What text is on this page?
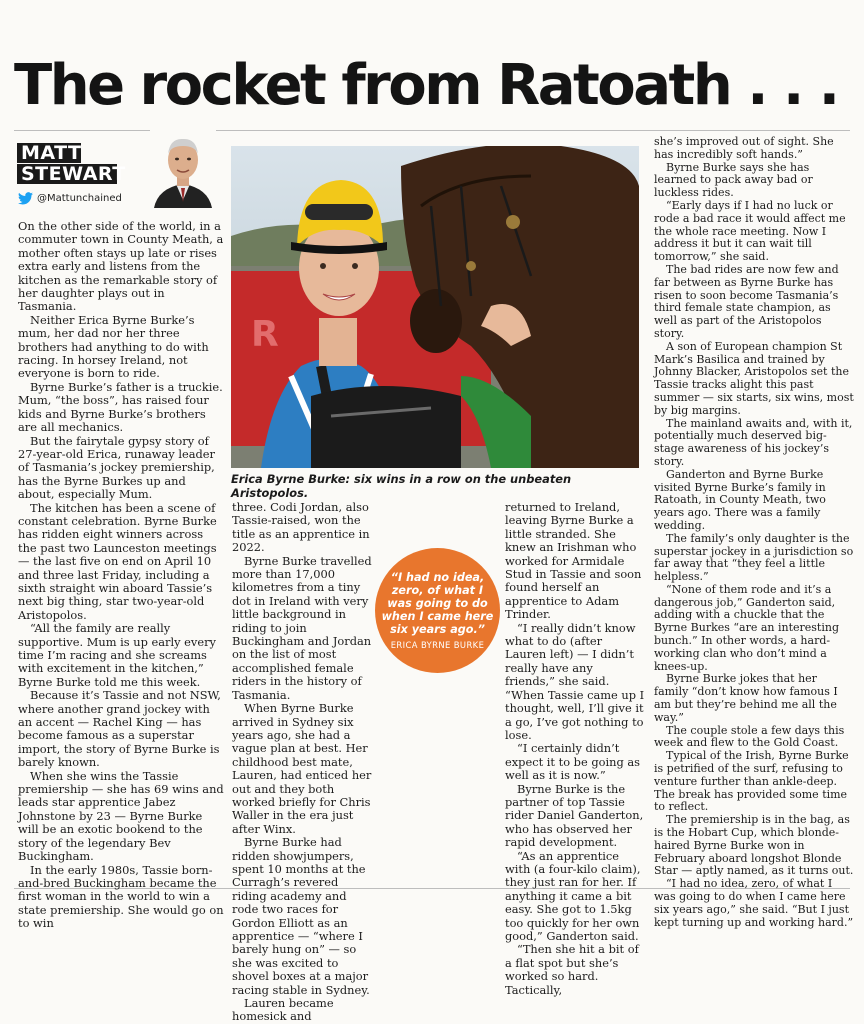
The rocket from Ratoath . . .
MATT
STEWART
@Mattunchained
R
Erica Byrne Burke: six wins in a row on the unbeaten Aristopolos.
“I had no idea, zero, of what I was going to do when I came here six years ago.”
ERICA BYRNE BURKE

On the other side of the world, in a commuter town in County Meath, a mother often stays up late or rises extra early and listens from the kitchen as the remarkable story of her daughter plays out in Tasmania.

Neither Erica Byrne Burke’s mum, her dad nor her three brothers had anything to do with racing. In horsey Ireland, not everyone is born to ride.

Byrne Burke’s father is a truckie. Mum, “the boss”, has raised four kids and Byrne Burke’s brothers are all mechanics.

But the fairytale gypsy story of 27-year-old Erica, runaway leader of Tasmania’s jockey premiership, has the Byrne Burkes up and about, especially Mum.

The kitchen has been a scene of constant celebration. Byrne Burke has ridden eight winners across the past two Launceston meetings — the last five on end on April 10 and three last Friday, including a sixth straight win aboard Tassie’s next big thing, star two-year-old Aristopolos.

“All the family are really supportive. Mum is up early every time I’m racing and she screams with excitement in the kitchen,” Byrne Burke told me this week.

Because it’s Tassie and not NSW, where another grand jockey with an accent — Rachel King — has become famous as a superstar import, the story of Byrne Burke is barely known.

When she wins the Tassie premiership — she has 69 wins and leads star apprentice Jabez Johnstone by 23 — Byrne Burke will be an exotic bookend to the story of the legendary Bev Buckingham.

In the early 1980s, Tassie born-and-bred Buckingham became the first woman in the world to win a state premiership. She would go on to win

three. Codi Jordan, also Tassie-raised, won the title as an apprentice in 2022.

Byrne Burke travelled more than 17,000 kilometres from a tiny dot in Ireland with very little background in riding to join Buckingham and Jordan on the list of most accomplished female riders in the history of Tasmania.

When Byrne Burke arrived in Sydney six years ago, she had a vague plan at best. Her childhood best mate, Lauren, had enticed her out and they both worked briefly for Chris Waller in the era just after Winx.

Byrne Burke had ridden showjumpers, spent 10 months at the Curragh’s revered riding academy and rode two races for Gordon Elliott as an apprentice — “where I barely hung on” — so she was excited to shovel boxes at a major racing stable in Sydney.

Lauren became homesick and

returned to Ireland, leaving Byrne Burke a little stranded. She knew an Irishman who worked for Armidale Stud in Tassie and soon found herself an apprentice to Adam Trinder.

“I really didn’t know what to do (after Lauren left) — I didn’t really have any friends,” she said. “When Tassie came up I thought, well, I’ll give it a go, I’ve got nothing to lose.

“I certainly didn’t expect it to be going as well as it is now.”

Byrne Burke is the partner of top Tassie rider Daniel Ganderton, who has observed her rapid development.

“As an apprentice with (a four-kilo claim), they just ran for her. If anything it came a bit easy. She got to 1.5kg too quickly for her own good,” Ganderton said.

“Then she hit a bit of a flat spot but she’s worked so hard. Tactically,

she’s improved out of sight. She has incredibly soft hands.”

Byrne Burke says she has learned to pack away bad or luckless rides.

“Early days if I had no luck or rode a bad race it would affect me the whole race meeting. Now I address it but it can wait till tomorrow,” she said.

The bad rides are now few and far between as Byrne Burke has risen to soon become Tasmania’s third female state champion, as well as part of the Aristopolos story.

A son of European champion St Mark’s Basilica and trained by Johnny Blacker, Aristopolos set the Tassie tracks alight this past summer — six starts, six wins, most by big margins.

The mainland awaits and, with it, potentially much deserved big-stage awareness of his jockey’s story.

Ganderton and Byrne Burke visited Byrne Burke’s family in Ratoath, in County Meath, two years ago. There was a family wedding.

The family’s only daughter is the superstar jockey in a jurisdiction so far away that “they feel a little helpless.”

“None of them rode and it’s a dangerous job,” Ganderton said, adding with a chuckle that the Byrne Burkes “are an interesting bunch.” In other words, a hard-working clan who don’t mind a knees-up.

Byrne Burke jokes that her family “don’t know how famous I am but they’re behind me all the way.”

The couple stole a few days this week and flew to the Gold Coast.

Typical of the Irish, Byrne Burke is petrified of the surf, refusing to venture further than ankle-deep. The break has provided some time to reflect.

The premiership is in the bag, as is the Hobart Cup, which blonde-haired Byrne Burke won in February aboard longshot Blonde Star — aptly named, as it turns out.

“I had no idea, zero, of what I was going to do when I came here six years ago,” she said. “But I just kept turning up and working hard.”
